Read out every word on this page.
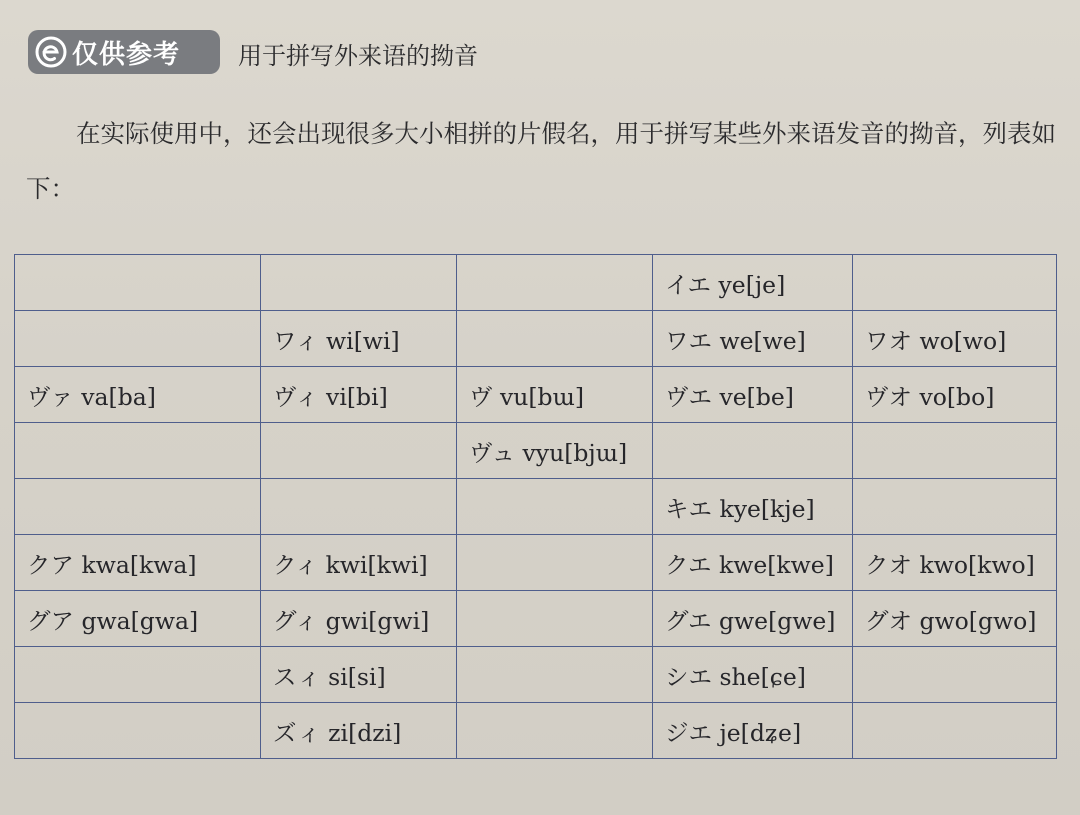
仅供参考 用于拼写外来语的拗音

在实际使用中，还会出现很多大小相拼的片假名，用于拼写某些外来语发音的拗音，列表如下：

			イエ ye[je]	
	ワィ wi[wi]		ワエ we[we]	ワオ wo[wo]
ヴァ va[ba]	ヴィ vi[bi]	ヴ vu[bɯ]	ヴエ ve[be]	ヴオ vo[bo]
		ヴュ vyu[bjɯ]		
			キエ kye[kje]	
クア kwa[kwa]	クィ kwi[kwi]		クエ kwe[kwe]	クオ kwo[kwo]
グア gwa[gwa]	グィ gwi[gwi]		グエ gwe[gwe]	グオ gwo[gwo]
	スィ si[si]		シエ she[ɕe]	
	ズィ zi[dzi]		ジエ je[dʑe]	
